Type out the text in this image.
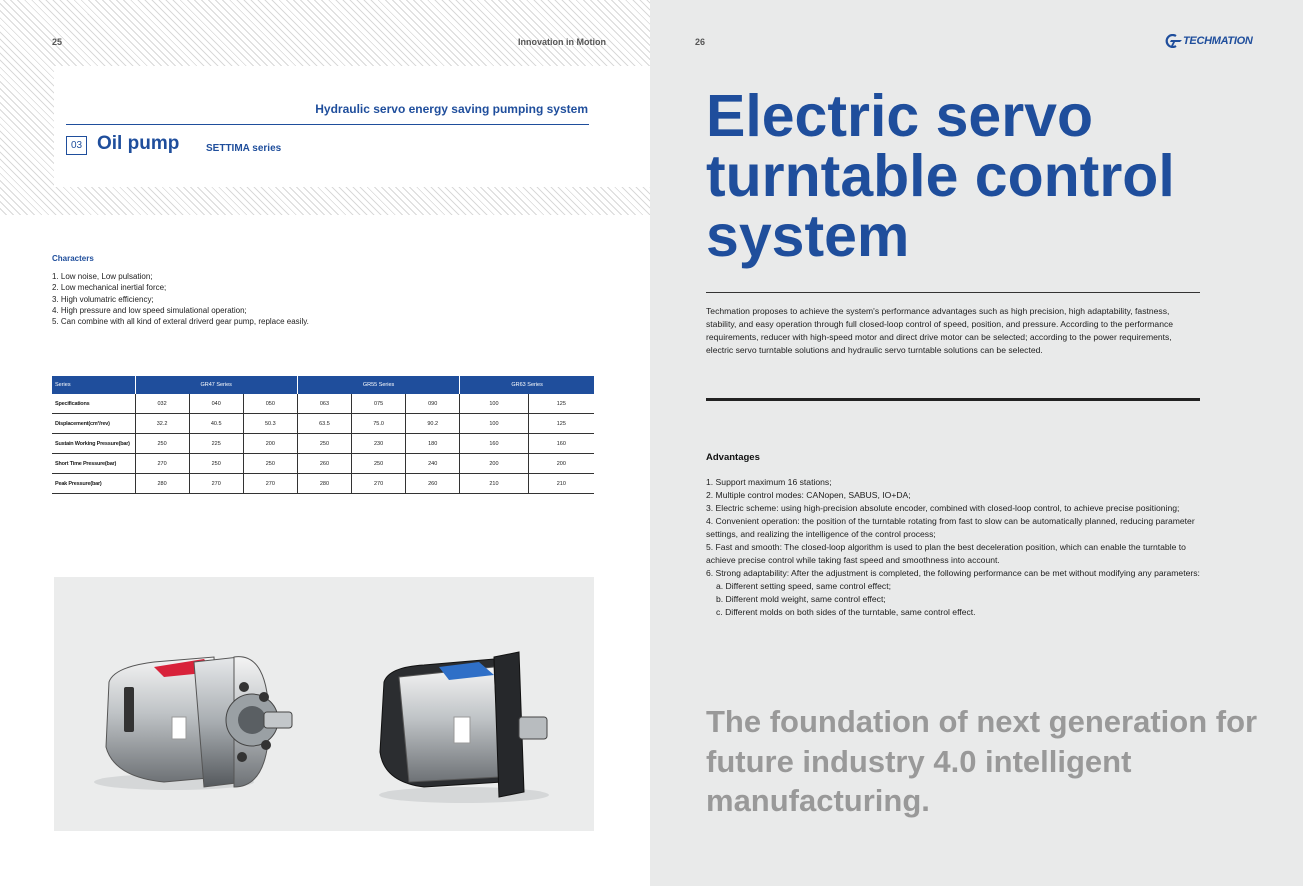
25	Innovation in Motion
Hydraulic servo energy saving pumping system
03 Oil pump	SETTIMA series
Characters
1. Low noise, Low pulsation;
2. Low mechanical inertial force;
3. High volumatric efficiency;
4. High pressure and low speed simulational operation;
5. Can combine with all kind of exteral driverd gear pump, replace easily.
Series	GR47 Series			GR55 Series			GR63 Series	
Specifications	032	040	050	063	075	090	100	125
Displacement(cm³/rev)	32.2	40.5	50.3	63.5	75.0	90.2	100	125
Sustain Working Pressure(bar)	250	225	200	250	230	180	160	160
Short Time Pressure(bar)	270	250	250	260	250	240	200	200
Peak Pressure(bar)	280	270	270	280	270	260	210	210
26	TECHMATION
Electric servo turntable control system

Techmation proposes to achieve the system's performance advantages such as high precision, high adaptability, fastness, stability, and easy operation through full closed-loop control of speed, position, and pressure. According to the performance requirements, reducer with high-speed motor and direct drive motor can be selected; according to the power requirements, electric servo turntable solutions and hydraulic servo turntable solutions can be selected.

Advantages
1. Support maximum 16 stations;
2. Multiple control modes: CANopen, SABUS, IO+DA;
3. Electric scheme: using high-precision absolute encoder, combined with closed-loop control, to achieve precise positioning;
4. Convenient operation: the position of the turntable rotating from fast to slow can be automatically planned, reducing parameter settings, and realizing the intelligence of the control process;
5. Fast and smooth: The closed-loop algorithm is used to plan the best deceleration position, which can enable the turntable to achieve precise control while taking fast speed and smoothness into account.
6. Strong adaptability: After the adjustment is completed, the following performance can be met without modifying any parameters:
a. Different setting speed, same control effect;
b. Different mold weight, same control effect;
c. Different molds on both sides of the turntable, same control effect.

The foundation of next generation for future industry 4.0 intelligent manufacturing.
